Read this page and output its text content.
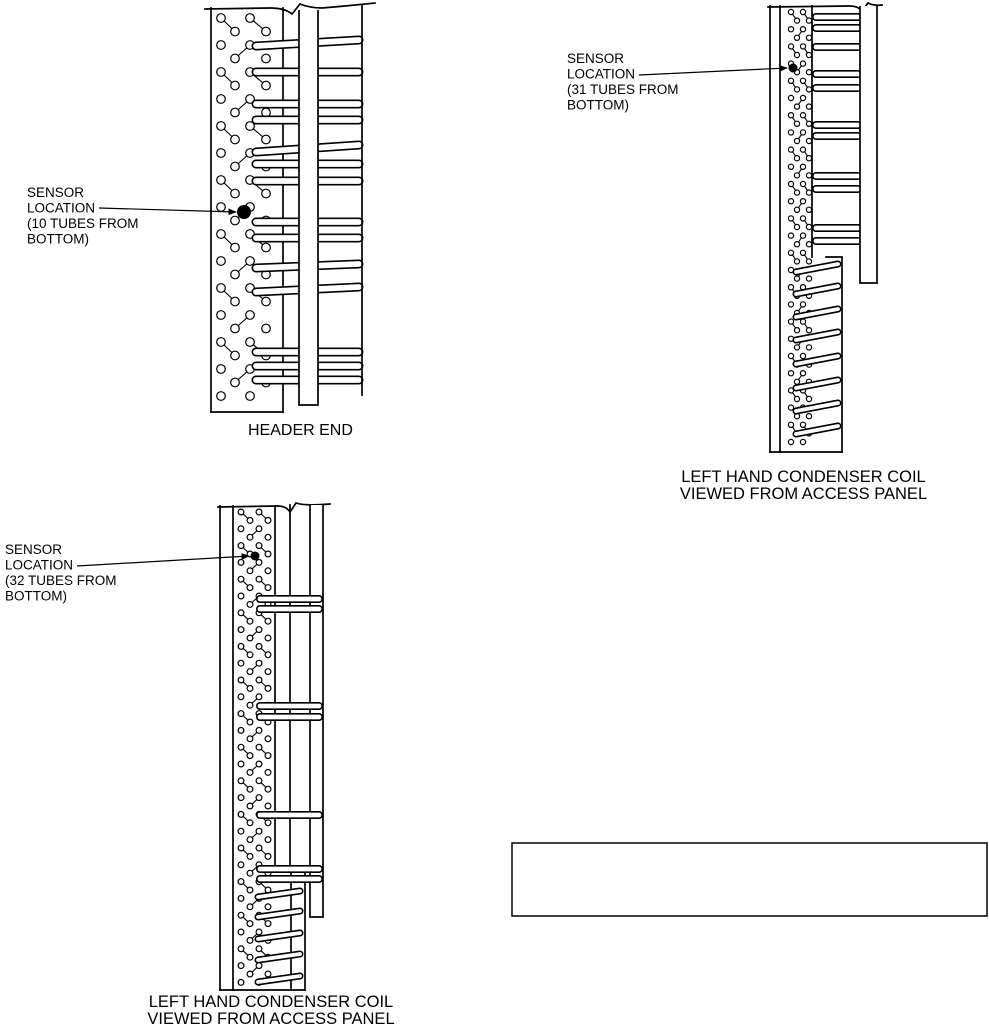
SENSOR
LOCATION
(10 TUBES FROM
BOTTOM)
HEADER END
SENSOR
LOCATION
(31 TUBES FROM
BOTTOM)
LEFT HAND CONDENSER COIL
VIEWED FROM ACCESS PANEL
SENSOR
LOCATION
(32 TUBES FROM
BOTTOM)
LEFT HAND CONDENSER COIL
VIEWED FROM ACCESS PANEL
